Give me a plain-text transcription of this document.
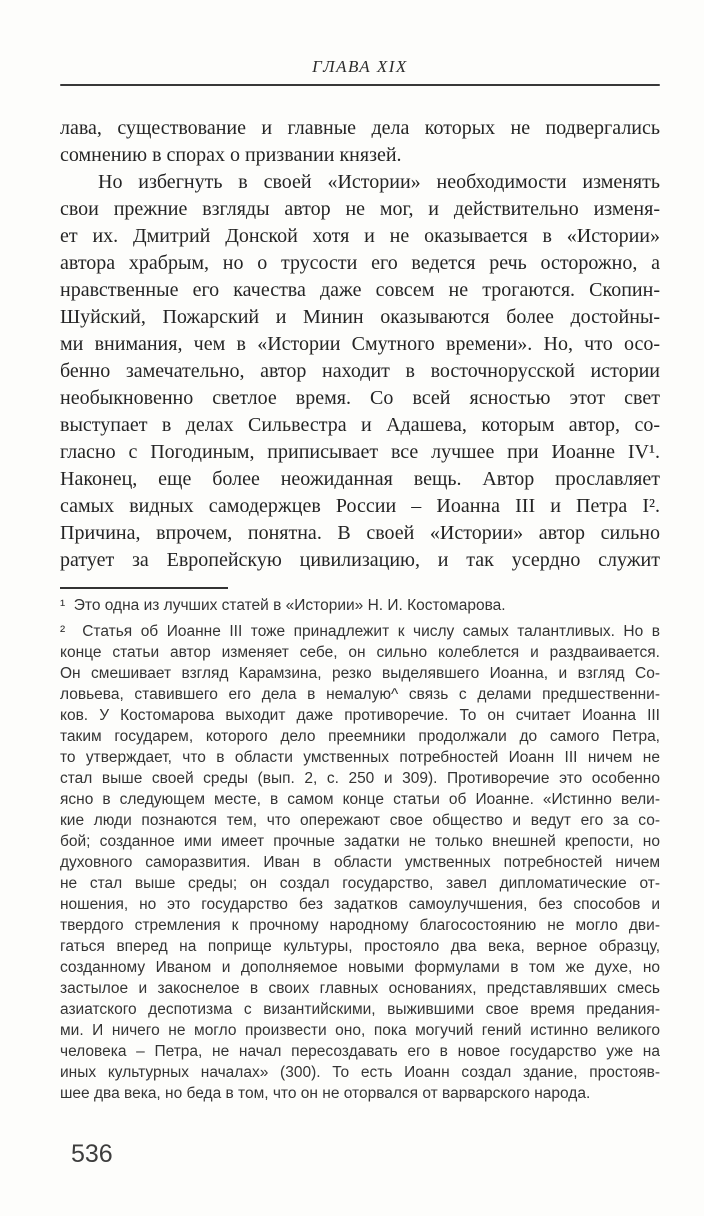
ГЛАВА XIX
лава, существование и главные дела которых не подвергались
сомнению в спорах о призвании князей.
Но избегнуть в своей «Истории» необходимости изменять
свои прежние взгляды автор не мог, и действительно изменя-
ет их. Дмитрий Донской хотя и не оказывается в «Истории»
автора храбрым, но о трусости его ведется речь осторожно, а
нравственные его качества даже совсем не трогаются. Скопин-
Шуйский, Пожарский и Минин оказываются более достойны-
ми внимания, чем в «Истории Смутного времени». Но, что осо-
бенно замечательно, автор находит в восточнорусской истории
необыкновенно светлое время. Со всей ясностью этот свет
выступает в делах Сильвестра и Адашева, которым автор, со-
гласно с Погодиным, приписывает все лучшее при Иоанне IV¹.
Наконец, еще более неожиданная вещь. Автор прославляет
самых видных самодержцев России – Иоанна III и Петра I².
Причина, впрочем, понятна. В своей «Истории» автор сильно
ратует за Европейскую цивилизацию, и так усердно служит
¹  Это одна из лучших статей в «Истории» Н. И. Костомарова.
²  Статья об Иоанне III тоже принадлежит к числу самых талантливых. Но в
конце статьи автор изменяет себе, он сильно колеблется и раздваивается.
Он смешивает взгляд Карамзина, резко выделявшего Иоанна, и взгляд Со-
ловьева, ставившего его дела в немалую^ связь с делами предшественни-
ков. У Костомарова выходит даже противоречие. То он считает Иоанна III
таким государем, которого дело преемники продолжали до самого Петра,
то утверждает, что в области умственных потребностей Иоанн III ничем не
стал выше своей среды (вып. 2, с. 250 и 309). Противоречие это особенно
ясно в следующем месте, в самом конце статьи об Иоанне. «Истинно вели-
кие люди познаются тем, что опережают свое общество и ведут его за со-
бой; созданное ими имеет прочные задатки не только внешней крепости, но
духовного саморазвития. Иван в области умственных потребностей ничем
не стал выше среды; он создал государство, завел дипломатические от-
ношения, но это государство без задатков самоулучшения, без способов и
твердого стремления к прочному народному благосостоянию не могло дви-
гаться вперед на поприще культуры, простояло два века, верное образцу,
созданному Иваном и дополняемое новыми формулами в том же духе, но
застылое и закоснелое в своих главных основаниях, представлявших смесь
азиатского деспотизма с византийскими, выжившими свое время предания-
ми. И ничего не могло произвести оно, пока могучий гений истинно великого
человека – Петра, не начал пересоздавать его в новое государство уже на
иных культурных началах» (300). То есть Иоанн создал здание, простояв-
шее два века, но беда в том, что он не оторвался от варварского народа.
536
